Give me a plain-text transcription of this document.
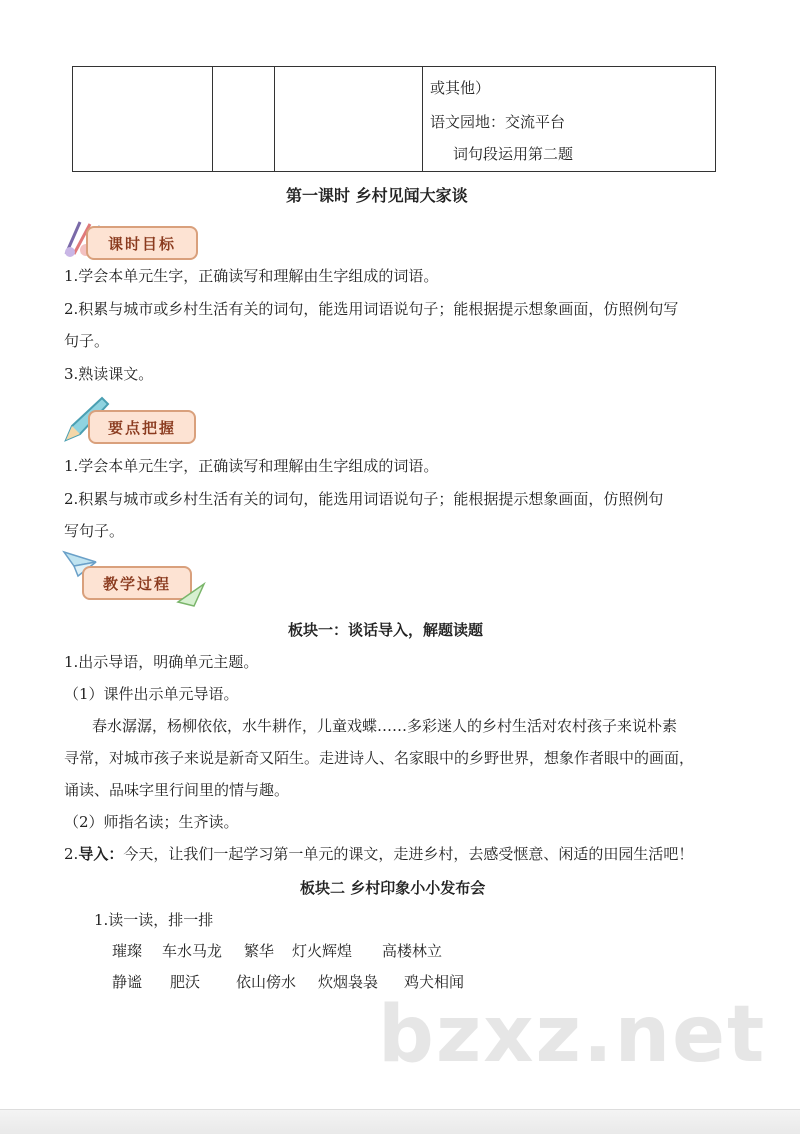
或其他）
语文园地：交流平台
词句段运用第二题
第一课时 乡村见闻大家谈
课时目标
1.学会本单元生字，正确读写和理解由生字组成的词语。
2.积累与城市或乡村生活有关的词句，能选用词语说句子；能根据提示想象画面，仿照例句写
句子。
3.熟读课文。
要点把握
1.学会本单元生字，正确读写和理解由生字组成的词语。
2.积累与城市或乡村生活有关的词句，能选用词语说句子；能根据提示想象画面，仿照例句
写句子。
教学过程
板块一：谈话导入，解题读题
1.出示导语，明确单元主题。
（1）课件出示单元导语。
春水潺潺，杨柳依依，水牛耕作，儿童戏蝶……多彩迷人的乡村生活对农村孩子来说朴素
寻常，对城市孩子来说是新奇又陌生。走进诗人、名家眼中的乡野世界，想象作者眼中的画面，
诵读、品味字里行间里的情与趣。
（2）师指名读；生齐读。
2.导入：今天，让我们一起学习第一单元的课文，走进乡村，去感受惬意、闲适的田园生活吧！
板块二 乡村印象小小发布会
1.读一读，排一排
璀璨 车水马龙 繁华 灯火辉煌 高楼林立
静谧 肥沃 依山傍水 炊烟袅袅 鸡犬相闻
bzxz.net
